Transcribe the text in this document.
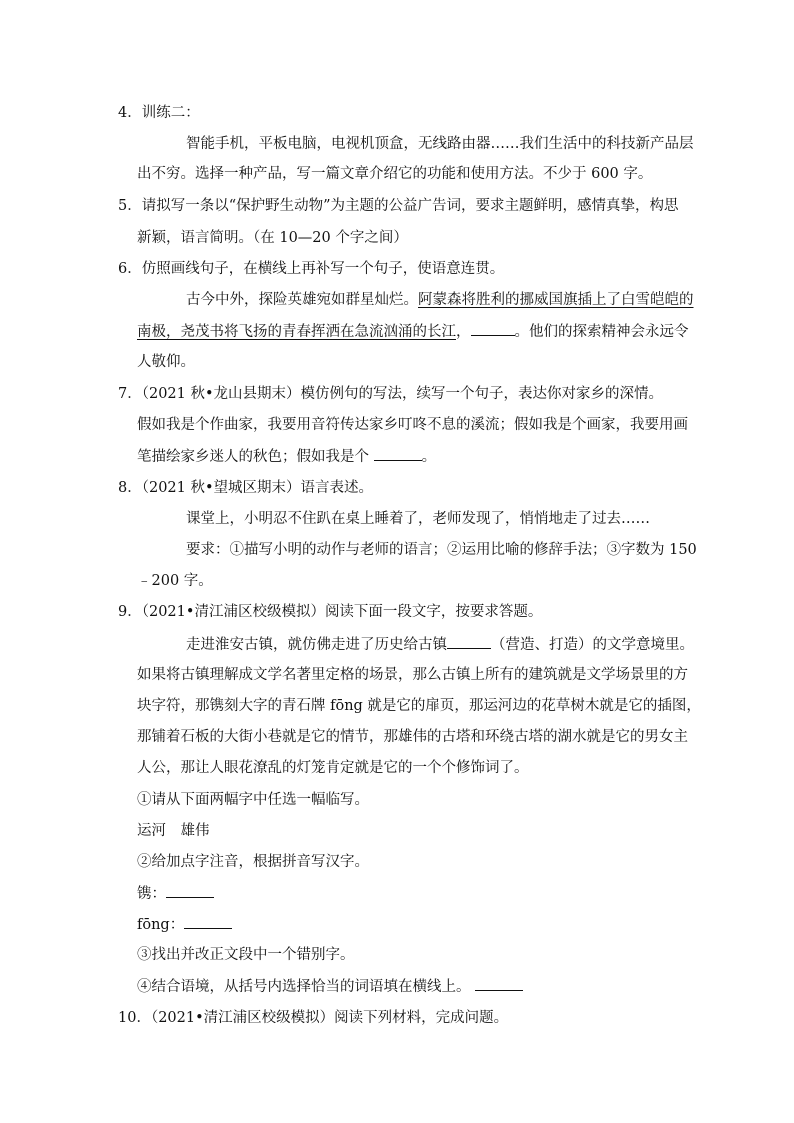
4．训练二：
智能手机，平板电脑，电视机顶盒，无线路由器……我们生活中的科技新产品层
出不穷。选择一种产品，写一篇文章介绍它的功能和使用方法。不少于 600 字。
5．请拟写一条以“保护野生动物”为主题的公益广告词，要求主题鲜明，感情真挚，构思
新颖，语言简明。（在 10—20 个字之间）
6．仿照画线句子，在横线上再补写一个句子，使语意连贯。
古今中外，探险英雄宛如群星灿烂。阿蒙森将胜利的挪威国旗插上了白雪皑皑的
南极，尧茂书将飞扬的青春挥洒在急流汹涌的长江，	。他们的探索精神会永远令
人敬仰。
7．（2021 秋•龙山县期末）模仿例句的写法，续写一个句子，表达你对家乡的深情。
假如我是个作曲家，我要用音符传达家乡叮咚不息的溪流；假如我是个画家，我要用画
笔描绘家乡迷人的秋色；假如我是个	。
8．（2021 秋•望城区期末）语言表述。
课堂上，小明忍不住趴在桌上睡着了，老师发现了，悄悄地走了过去……
要求：①描写小明的动作与老师的语言；②运用比喻的修辞手法；③字数为 150
﹣200 字。
9．（2021•清江浦区校级模拟）阅读下面一段文字，按要求答题。
走进淮安古镇，就仿佛走进了历史给古镇	（营造、打造）的文学意境里。
如果将古镇理解成文学名著里定格的场景，那么古镇上所有的建筑就是文学场景里的方
块字符，那镌刻大字的青石牌 fōng 就是它的扉页，那运河边的花草树木就是它的插图，
那铺着石板的大街小巷就是它的情节，那雄伟的古塔和环绕古塔的湖水就是它的男女主
人公，那让人眼花潦乱的灯笼肯定就是它的一个个修饰词了。
①请从下面两幅字中任选一幅临写。
运河　雄伟
②给加点字注音，根据拼音写汉字。
镌：
fōng：
③找出并改正文段中一个错别字。
④结合语境，从括号内选择恰当的词语填在横线上。
10．（2021•清江浦区校级模拟）阅读下列材料，完成问题。
